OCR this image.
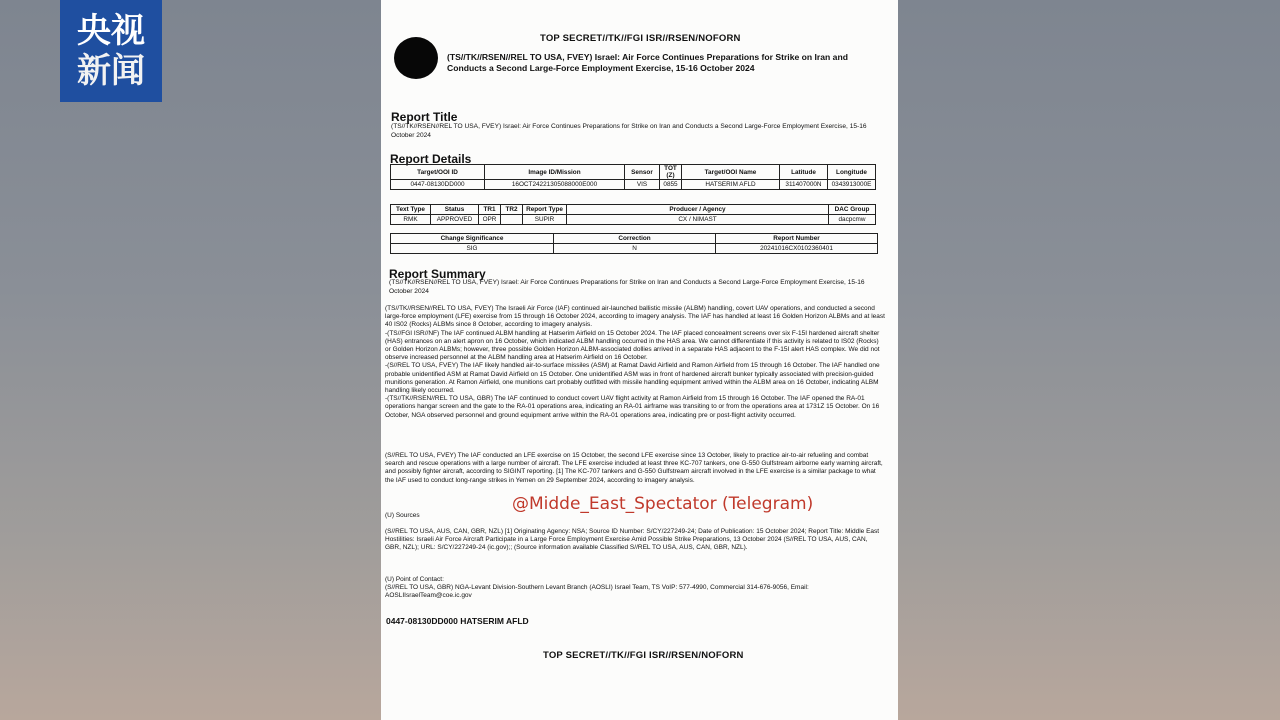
央视
新闻
TOP SECRET//TK//FGI ISR//RSEN/NOFORN
(TS//TK//RSEN//REL TO USA, FVEY) Israel: Air Force Continues Preparations for Strike on Iran and Conducts a Second Large-Force Employment Exercise, 15-16 October 2024
Report Title
(TS//TK//RSEN//REL TO USA, FVEY) Israel: Air Force Continues Preparations for Strike on Iran and Conducts a Second Large-Force Employment Exercise, 15-16 October 2024
Report Details
Target/OOI ID	Image ID/Mission	Sensor	TOT (Z)	Target/OOI Name	Latitude	Longitude
0447-08130DD000	16OCT24221305088000E000	VIS	0855	HATSERIM AFLD	311407000N	0343913000E
Text Type	Status	TR1	TR2	Report Type	Producer / Agency	DAC Group
RMK	APPROVED	OPR		SUPIR	CX / NIMAST	dacpcmw
Change Significance	Correction	Report Number
SIG	N	20241016CX0102360401
Report Summary
(TS//TK//RSEN//REL TO USA, FVEY) Israel: Air Force Continues Preparations for Strike on Iran and Conducts a Second Large-Force Employment Exercise, 15-16 October 2024

(TS//TK//RSEN//REL TO USA, FVEY) The Israeli Air Force (IAF) continued air-launched ballistic missile (ALBM) handling, covert UAV operations, and conducted a second large-force employment (LFE) exercise from 15 through 16 October 2024, according to imagery analysis. The IAF has handled at least 16 Golden Horizon ALBMs and at least 40 IS02 (Rocks) ALBMs since 8 October, according to imagery analysis.

-(TS//FGI ISR//NF) The IAF continued ALBM handling at Hatserim Airfield on 15 October 2024. The IAF placed concealment screens over six F-15I hardened aircraft shelter (HAS) entrances on an alert apron on 16 October, which indicated ALBM handling occurred in the HAS area. We cannot differentiate if this activity is related to IS02 (Rocks) or Golden Horizon ALBMs; however, three possible Golden Horizon ALBM-associated dollies arrived in a separate HAS adjacent to the F-15I alert HAS complex. We did not observe increased personnel at the ALBM handling area at Hatserim Airfield on 16 October.

-(S//REL TO USA, FVEY) The IAF likely handled air-to-surface missiles (ASM) at Ramat David Airfield and Ramon Airfield from 15 through 16 October. The IAF handled one probable unidentified ASM at Ramat David Airfield on 15 October. One unidentified ASM was in front of hardened aircraft bunker typically associated with precision-guided munitions generation. At Ramon Airfield, one munitions cart probably outfitted with missile handling equipment arrived within the ALBM area on 16 October, indicating ALBM handling likely occurred.

-(TS//TK//RSEN//REL TO USA, GBR) The IAF continued to conduct covert UAV flight activity at Ramon Airfield from 15 through 16 October. The IAF opened the RA-01 operations hangar screen and the gate to the RA-01 operations area, indicating an RA-01 airframe was transiting to or from the operations area at 1731Z 15 October. On 16 October, NGA observed personnel and ground equipment arrive within the RA-01 operations area, indicating pre or post-flight activity occurred.

(S//REL TO USA, FVEY) The IAF conducted an LFE exercise on 15 October, the second LFE exercise since 13 October, likely to practice air-to-air refueling and combat search and rescue operations with a large number of aircraft. The LFE exercise included at least three KC-707 tankers, one G-550 Gulfstream airborne early warning aircraft, and possibly fighter aircraft, according to SIGINT reporting. [1] The KC-707 tankers and G-550 Gulfstream aircraft involved in the LFE exercise is a similar package to what the IAF used to conduct long-range strikes in Yemen on 29 September 2024, according to imagery analysis.
(U) Sources
(S//REL TO USA, AUS, CAN, GBR, NZL) [1] Originating Agency: NSA; Source ID Number: S/CY/227249-24; Date of Publication: 15 October 2024; Report Title: Middle East Hostilities: Israeli Air Force Aircraft Participate in a Large Force Employment Exercise Amid Possible Strike Preparations, 13 October 2024 (S//REL TO USA, AUS, CAN, GBR, NZL); URL: S/CY/227249-24 (ic.gov);; (Source information available Classified S//REL TO USA, AUS, CAN, GBR, NZL).
(U) Point of Contact:
(S//REL TO USA, GBR) NGA-Levant Division-Southern Levant Branch (AOSLI) Israel Team, TS VoIP: 577-4990, Commercial 314-676-9056, Email: AOSLIIsraelTeam@coe.ic.gov
0447-08130DD000 HATSERIM AFLD
TOP SECRET//TK//FGI ISR//RSEN/NOFORN
@Midde_East_Spectator (Telegram)
